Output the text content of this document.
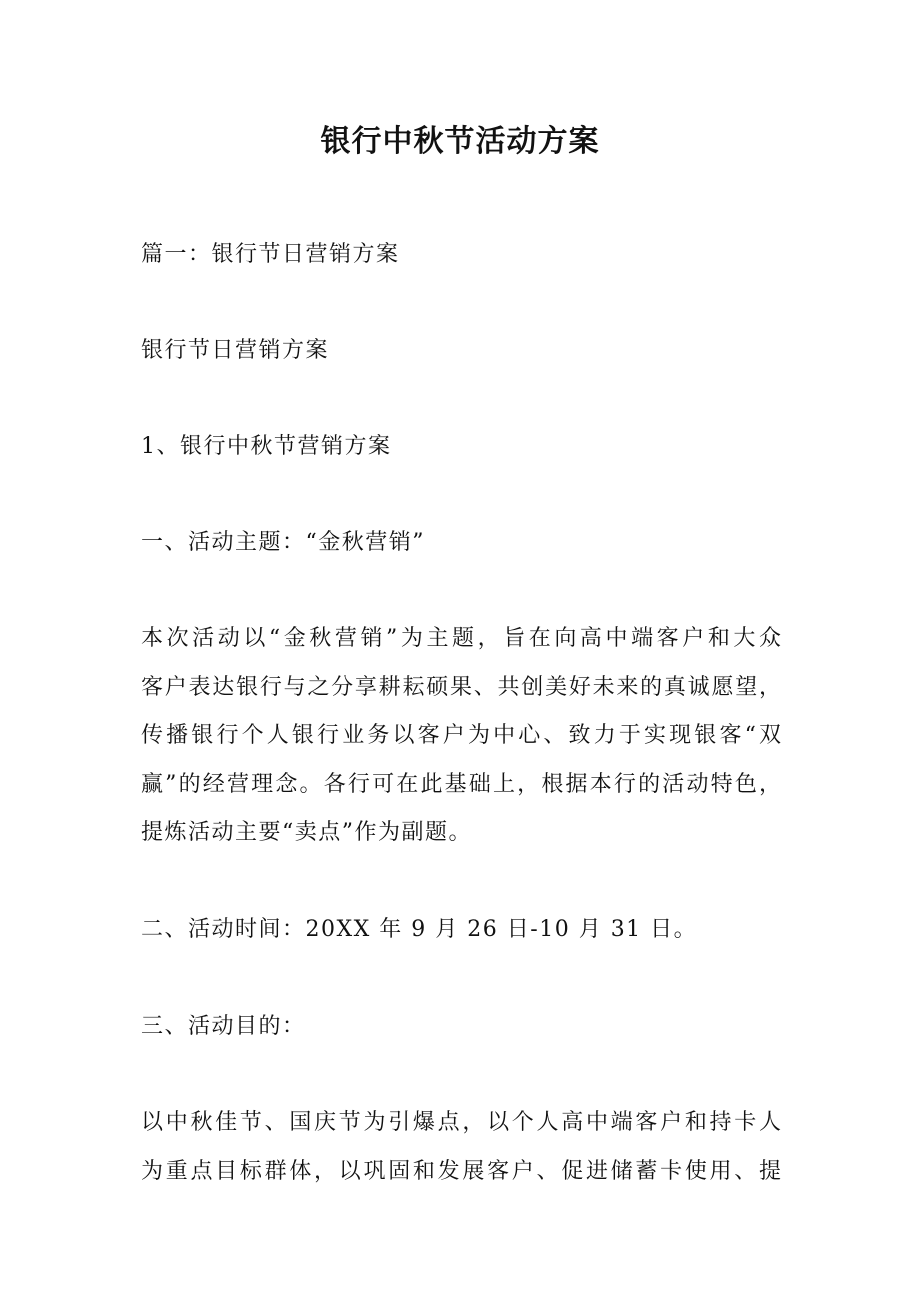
银行中秋节活动方案
篇一：银行节日营销方案
银行节日营销方案
1、银行中秋节营销方案
一、活动主题：“金秋营销”
本次活动以“金秋营销”为主题，旨在向高中端客户和大众
客户表达银行与之分享耕耘硕果、共创美好未来的真诚愿望，
传播银行个人银行业务以客户为中心、致力于实现银客“双
赢”的经营理念。各行可在此基础上，根据本行的活动特色，
提炼活动主要“卖点”作为副题。
二、活动时间：20XX 年 9 月 26 日-10 月 31 日。
三、活动目的：
以中秋佳节、国庆节为引爆点，以个人高中端客户和持卡人
为重点目标群体，以巩固和发展客户、促进储蓄卡使用、提
